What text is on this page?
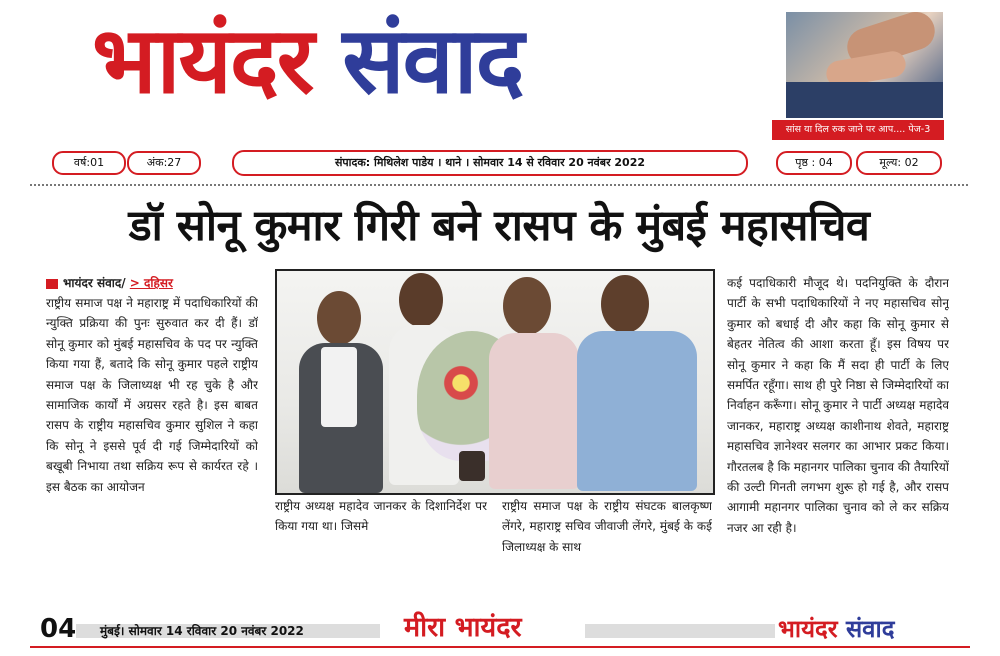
भायंदर संवाद
सांस या दिल रुक जाने पर आप.... पेज-3
वर्ष:01	अंक:27	संपादक: मिथिलेश पाडेय । थाने । सोमवार 14 से रविवार 20 नवंबर 2022	पृष्ठ : 04	मूल्य: 02
डॉ सोनू कुमार गिरी बने रासप के मुंबई महासचिव
भायंदर संवाद/ > दहिसर
राष्ट्रीय समाज पक्ष ने महाराष्ट्र में पदाधिकारियों की न्युक्ति प्रक्रिया की पुनः सुरुवात कर दी हैं। डॉ सोनू कुमार को मुंबई महासचिव के पद पर न्युक्ति किया गया हैं, बतादे कि सोनू कुमार पहले राष्ट्रीय समाज पक्ष के जिलाध्यक्ष भी रह चुके है और सामाजिक कार्यों में अग्रसर रहते है। इस बाबत रासप के राष्ट्रीय महासचिव कुमार सुशिल ने कहा कि सोनू ने इससे पूर्व दी गई जिम्मेदारियों को बखूबी निभाया तथा सक्रिय रूप से कार्यरत रहे । इस बैठक का आयोजन
राष्ट्रीय अध्यक्ष महादेव जानकर के दिशानिर्देश पर किया गया था। जिसमे
राष्ट्रीय समाज पक्ष के राष्ट्रीय संघटक बालकृष्ण लेंगरे, महाराष्ट्र सचिव जीवाजी लेंगरे, मुंबई के कई जिलाध्यक्ष के साथ
कई पदाधिकारी मौजूद थे। पदनियुक्ति के दौरान पार्टी के सभी पदाधिकारियों ने नए महासचिव सोनू कुमार को बधाई दी और कहा कि सोनू कुमार से बेहतर नेतित्व की आशा करता हूँ। इस विषय पर सोनू कुमार ने कहा कि मैं सदा ही पार्टी के लिए समर्पित रहूँगा। साथ ही पुरे निष्ठा से जिम्मेदारियों का निर्वाहन करूँगा। सोनू कुमार ने पार्टी अध्यक्ष महादेव जानकर, महाराष्ट्र अध्यक्ष काशीनाथ शेवते, महाराष्ट्र महासचिव ज्ञानेश्वर सलगर का आभार प्रकट किया। गौरतलब है कि महानगर पालिका चुनाव की तैयारियों की उल्टी गिनती लगभग शुरू हो गई है, और रासप आगामी महानगर पालिका चुनाव को ले कर सक्रिय नजर आ रही है।
04 मुंबई। सोमवार 14 रविवार 20 नवंबर 2022	मीरा भायंदर	भायंदर संवाद
